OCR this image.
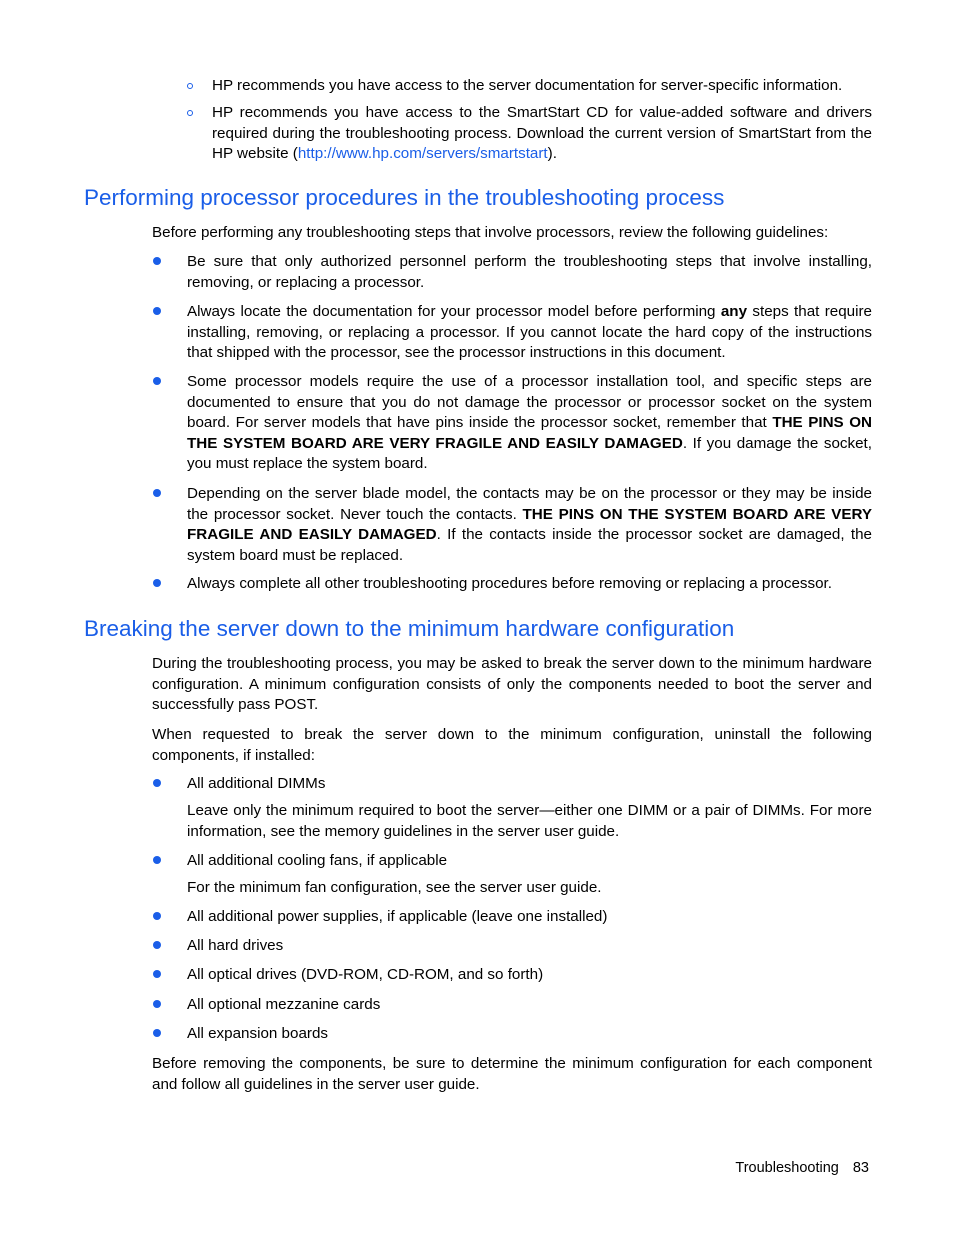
HP recommends you have access to the server documentation for server-specific information.
HP recommends you have access to the SmartStart CD for value-added software and drivers required during the troubleshooting process. Download the current version of SmartStart from the HP website (http://www.hp.com/servers/smartstart).
Performing processor procedures in the troubleshooting process
Before performing any troubleshooting steps that involve processors, review the following guidelines:
Be sure that only authorized personnel perform the troubleshooting steps that involve installing, removing, or replacing a processor.
Always locate the documentation for your processor model before performing any steps that require installing, removing, or replacing a processor. If you cannot locate the hard copy of the instructions that shipped with the processor, see the processor instructions in this document.
Some processor models require the use of a processor installation tool, and specific steps are documented to ensure that you do not damage the processor or processor socket on the system board. For server models that have pins inside the processor socket, remember that THE PINS ON THE SYSTEM BOARD ARE VERY FRAGILE AND EASILY DAMAGED. If you damage the socket, you must replace the system board.
Depending on the server blade model, the contacts may be on the processor or they may be inside the processor socket. Never touch the contacts. THE PINS ON THE SYSTEM BOARD ARE VERY FRAGILE AND EASILY DAMAGED. If the contacts inside the processor socket are damaged, the system board must be replaced.
Always complete all other troubleshooting procedures before removing or replacing a processor.
Breaking the server down to the minimum hardware configuration
During the troubleshooting process, you may be asked to break the server down to the minimum hardware configuration. A minimum configuration consists of only the components needed to boot the server and successfully pass POST.
When requested to break the server down to the minimum configuration, uninstall the following components, if installed:
All additional DIMMs
Leave only the minimum required to boot the server—either one DIMM or a pair of DIMMs. For more information, see the memory guidelines in the server user guide.
All additional cooling fans, if applicable
For the minimum fan configuration, see the server user guide.
All additional power supplies, if applicable (leave one installed)
All hard drives
All optical drives (DVD-ROM, CD-ROM, and so forth)
All optional mezzanine cards
All expansion boards
Before removing the components, be sure to determine the minimum configuration for each component and follow all guidelines in the server user guide.
Troubleshooting 83
